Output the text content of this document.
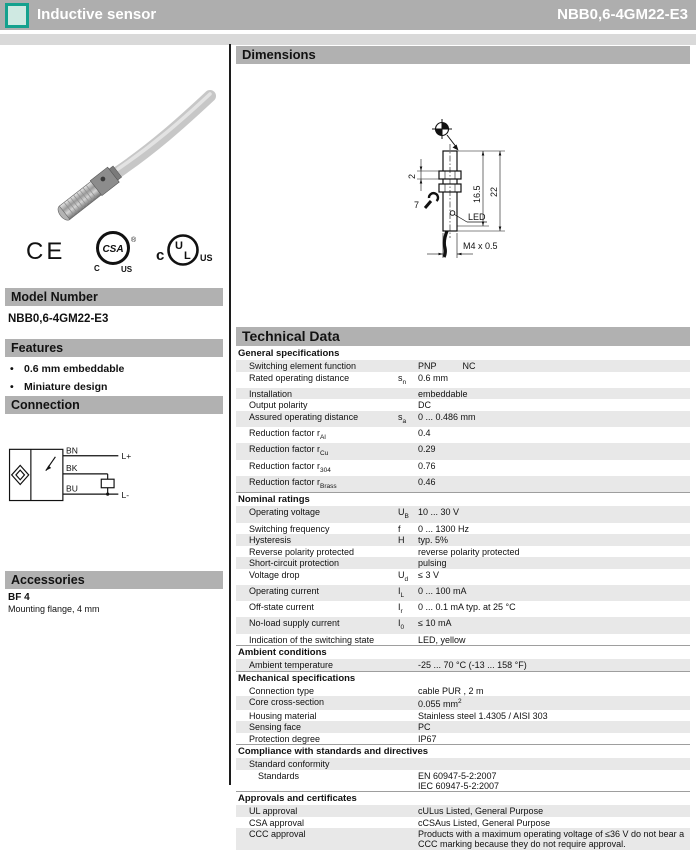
Inductive sensor	NBB0,6-4GM22-E3
CE	CSA
®
C	US
c
U
L US
Model Number
NBB0,6-4GM22-E3
Features
• 0.6 mm embeddable
• Miniature design
Connection
BN
BK
BU
L+
L-
Accessories
BF 4
Mounting flange, 4 mm
Dimensions
LED
2
7
16.5 22
M4 x 0.5
Technical Data
General specifications
Switching element function	PNP	NC
Rated operating distance	$s_n$	0.6 mm
Installation	embeddable
Output polarity	DC
Assured operating distance	$s_a$	0 ... 0.486 mm
Reduction factor $r_{Al}$	0.4
Reduction factor $r_{Cu}$	0.29
Reduction factor $r_{304}$	0.76
Reduction factor $r_{Brass}$	0.46
Nominal ratings
Operating voltage	$U_B$	10 ... 30 V
Switching frequency	f	0 ... 1300 Hz
Hysteresis	H	typ. 5%
Reverse polarity protected	reverse polarity protected
Short-circuit protection	pulsing
Voltage drop	$U_d$	≤ 3 V
Operating current	$I_L$	0 ... 100 mA
Off-state current	$I_r$	0 ... 0.1 mA typ. at 25 °C
No-load supply current	$I_0$	≤ 10 mA
Indication of the switching state	LED, yellow
Ambient conditions
Ambient temperature	-25 ... 70 °C (-13 ... 158 °F)
Mechanical specifications
Connection type	cable PUR , 2 m
Core cross-section	0.055 $mm^2$
Housing material	Stainless steel 1.4305 / AISI 303
Sensing face	PC
Protection degree	IP67
Compliance with standards and directives
Standard conformity
Standards	EN 60947-5-2:2007
IEC 60947-5-2:2007
Approvals and certificates
UL approval	cULus Listed, General Purpose
CSA approval	cCSAus Listed, General Purpose
CCC approval	Products with a maximum operating voltage of ≤36 V do not bear a CCC marking because they do not require approval.
